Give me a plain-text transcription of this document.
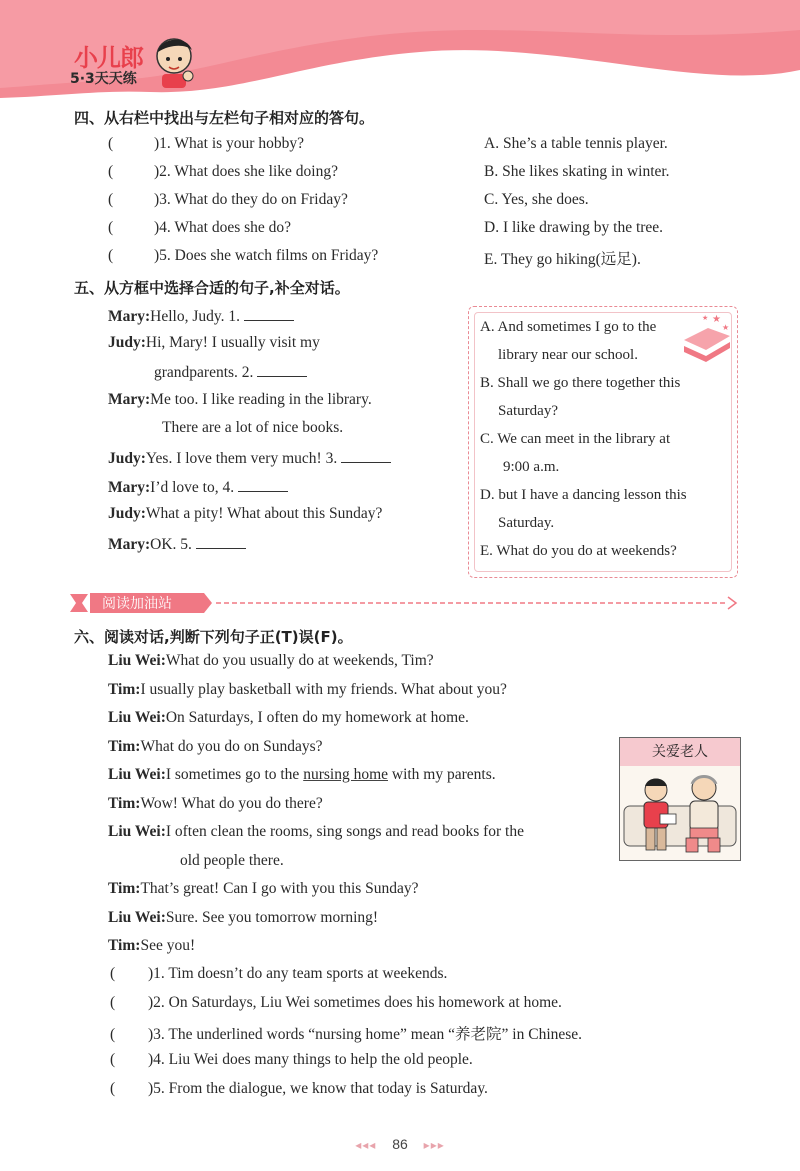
小儿郎
5·3天天练
四、从右栏中找出与左栏句子相对应的答句。
(	)1. What is your hobby?
(	)2. What does she like doing?
(	)3. What do they do on Friday?
(	)4. What does she do?
(	)5. Does she watch films on Friday?
A. She’s a table tennis player.
B. She likes skating in winter.
C. Yes, she does.
D. I like drawing by the tree.
E. They go hiking(远足).
五、从方框中选择合适的句子,补全对话。
Mary:Hello, Judy. 1.
Judy:Hi, Mary! I usually visit my
grandparents. 2.
Mary:Me too. I like reading in the library.
There are a lot of nice books.
Judy:Yes. I love them very much! 3.
Mary:I’d love to, 4.
Judy:What a pity! What about this Sunday?
Mary:OK. 5.
★
★
★
A. And sometimes I go to the
library near our school.
B. Shall we go there together this
Saturday?
C. We can meet in the library at
9:00 a.m.
D. but I have a dancing lesson this
Saturday.
E. What do you do at weekends?
阅读加油站
六、阅读对话,判断下列句子正(T)误(F)。
Liu Wei:What do you usually do at weekends, Tim?
Tim:I usually play basketball with my friends. What about you?
Liu Wei:On Saturdays, I often do my homework at home.
Tim:What do you do on Sundays?
Liu Wei:I sometimes go to the nursing home with my parents.
Tim:Wow! What do you do there?
Liu Wei:I often clean the rooms, sing songs and read books for the
old people there.
Tim:That’s great! Can I go with you this Sunday?
Liu Wei:Sure. See you tomorrow morning!
Tim:See you!
( )1. Tim doesn’t do any team sports at weekends.
( )2. On Saturdays, Liu Wei sometimes does his homework at home.
( )3. The underlined words “nursing home” mean “养老院” in Chinese.
( )4. Liu Wei does many things to help the old people.
( )5. From the dialogue, we know that today is Saturday.
关爱老人
◂◂◂ 86 ▸▸▸
